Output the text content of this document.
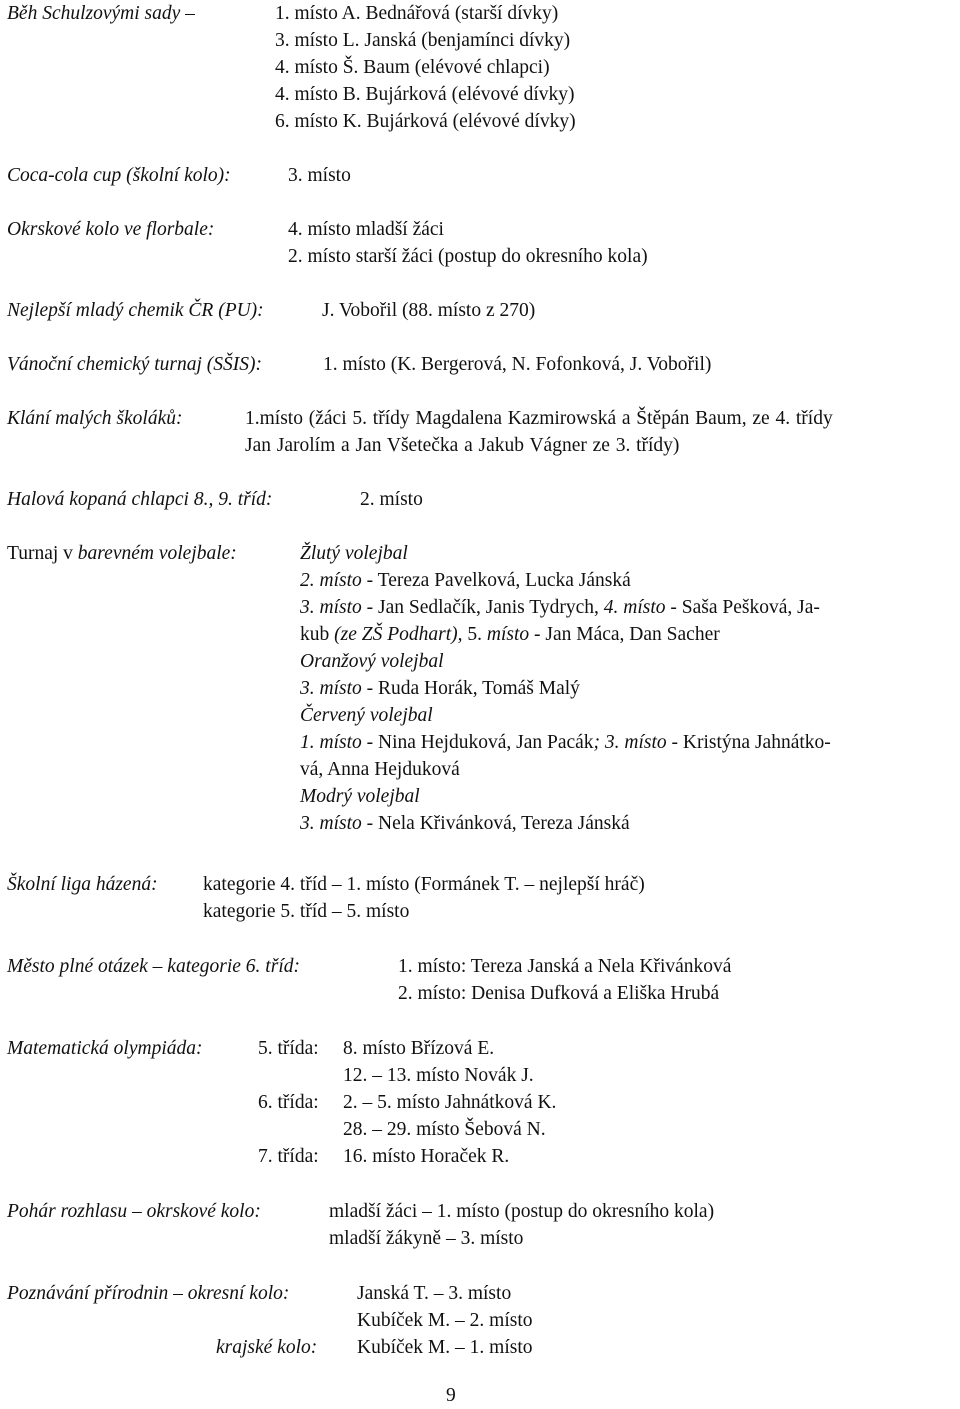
Běh Schulzovými sady –	1. místo A. Bednářová (starší dívky)
3. místo L. Janská (benjamínci dívky)
4. místo Š. Baum (elévové chlapci)
4. místo B. Bujárková (elévové dívky)
6. místo K. Bujárková (elévové dívky)
Coca-cola cup (školní kolo):	3. místo
Okrskové kolo ve florbale:	4. místo mladší žáci
2. místo starší žáci (postup do okresního kola)
Nejlepší mladý chemik ČR (PU):	J. Vobořil (88. místo z 270)
Vánoční chemický turnaj (SŠIS):	1. místo (K. Bergerová, N. Fofonková, J. Vobořil)
Klání malých školáků:	1.místo (žáci 5. třídy Magdalena Kazmirowská a Štěpán Baum, ze 4. třídy
Jan Jarolím a Jan Všetečka a Jakub Vágner ze 3. třídy)
Halová kopaná chlapci 8., 9. tříd:	2. místo
Turnaj v barevném volejbale:	Žlutý volejbal
2. místo - Tereza Pavelková, Lucka Jánská
3. místo - Jan Sedlačík, Janis Tydrych, 4. místo - Saša Pešková, Ja-
kub (ze ZŠ Podhart), 5. místo - Jan Máca, Dan Sacher
Oranžový volejbal
3. místo - Ruda Horák, Tomáš Malý
Červený volejbal
1. místo - Nina Hejduková, Jan Pacák; 3. místo - Kristýna Jahnátko-
vá, Anna Hejduková
Modrý volejbal
3. místo - Nela Křivánková, Tereza Jánská
Školní liga házená: kategorie 4. tříd – 1. místo (Formánek T. – nejlepší hráč)
kategorie 5. tříd – 5. místo
Město plné otázek – kategorie 6. tříd:	1. místo: Tereza Janská a Nela Křivánková
2. místo: Denisa Dufková a Eliška Hrubá
Matematická olympiáda:	5. třída: 8. místo Břízová E.
12. – 13. místo Novák J.
6. třída: 2. – 5. místo Jahnátková K.
28. – 29. místo Šebová N.
7. třída: 16. místo Horaček R.
Pohár rozhlasu – okrskové kolo:	mladší žáci – 1. místo (postup do okresního kola)
mladší žákyně – 3. místo
Poznávání přírodnin – okresní kolo:	Janská T. – 3. místo
Kubíček M. – 2. místo
krajské kolo: Kubíček M. – 1. místo
9
